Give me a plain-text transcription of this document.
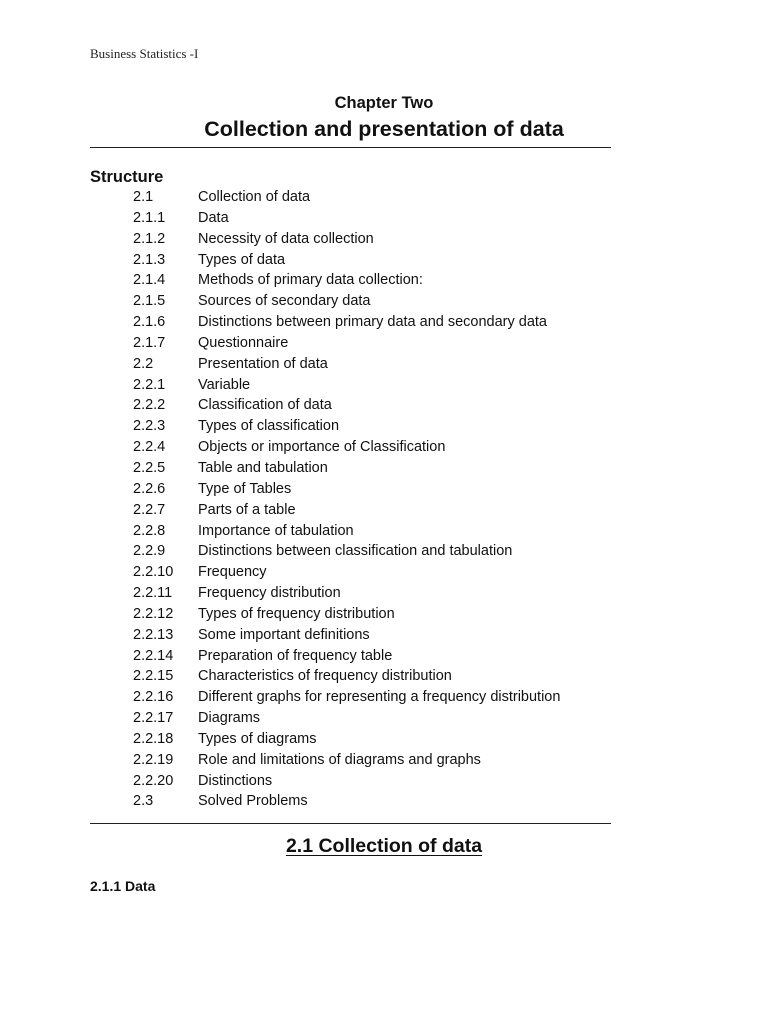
Business Statistics -I
Chapter Two
Collection and presentation of data
Structure
2.1	Collection of data
2.1.1 Data
2.1.2 Necessity of data collection
2.1.3 Types of data
2.1.4 Methods of primary data collection:
2.1.5 Sources of secondary data
2.1.6 Distinctions between primary data and secondary data
2.1.7 Questionnaire
2.2	Presentation of data
2.2.1 Variable
2.2.2 Classification of data
2.2.3 Types of classification
2.2.4 Objects or importance of Classification
2.2.5 Table and tabulation
2.2.6 Type of Tables
2.2.7 Parts of a table
2.2.8 Importance of tabulation
2.2.9 Distinctions between classification and tabulation
2.2.10 Frequency
2.2.11 Frequency distribution
2.2.12 Types of frequency distribution
2.2.13 Some important definitions
2.2.14 Preparation of frequency table
2.2.15 Characteristics of frequency distribution
2.2.16 Different graphs for representing a frequency distribution
2.2.17 Diagrams
2.2.18 Types of diagrams
2.2.19 Role and limitations of diagrams and graphs
2.2.20 Distinctions
2.3	Solved Problems
2.1 Collection of data
2.1.1 Data
